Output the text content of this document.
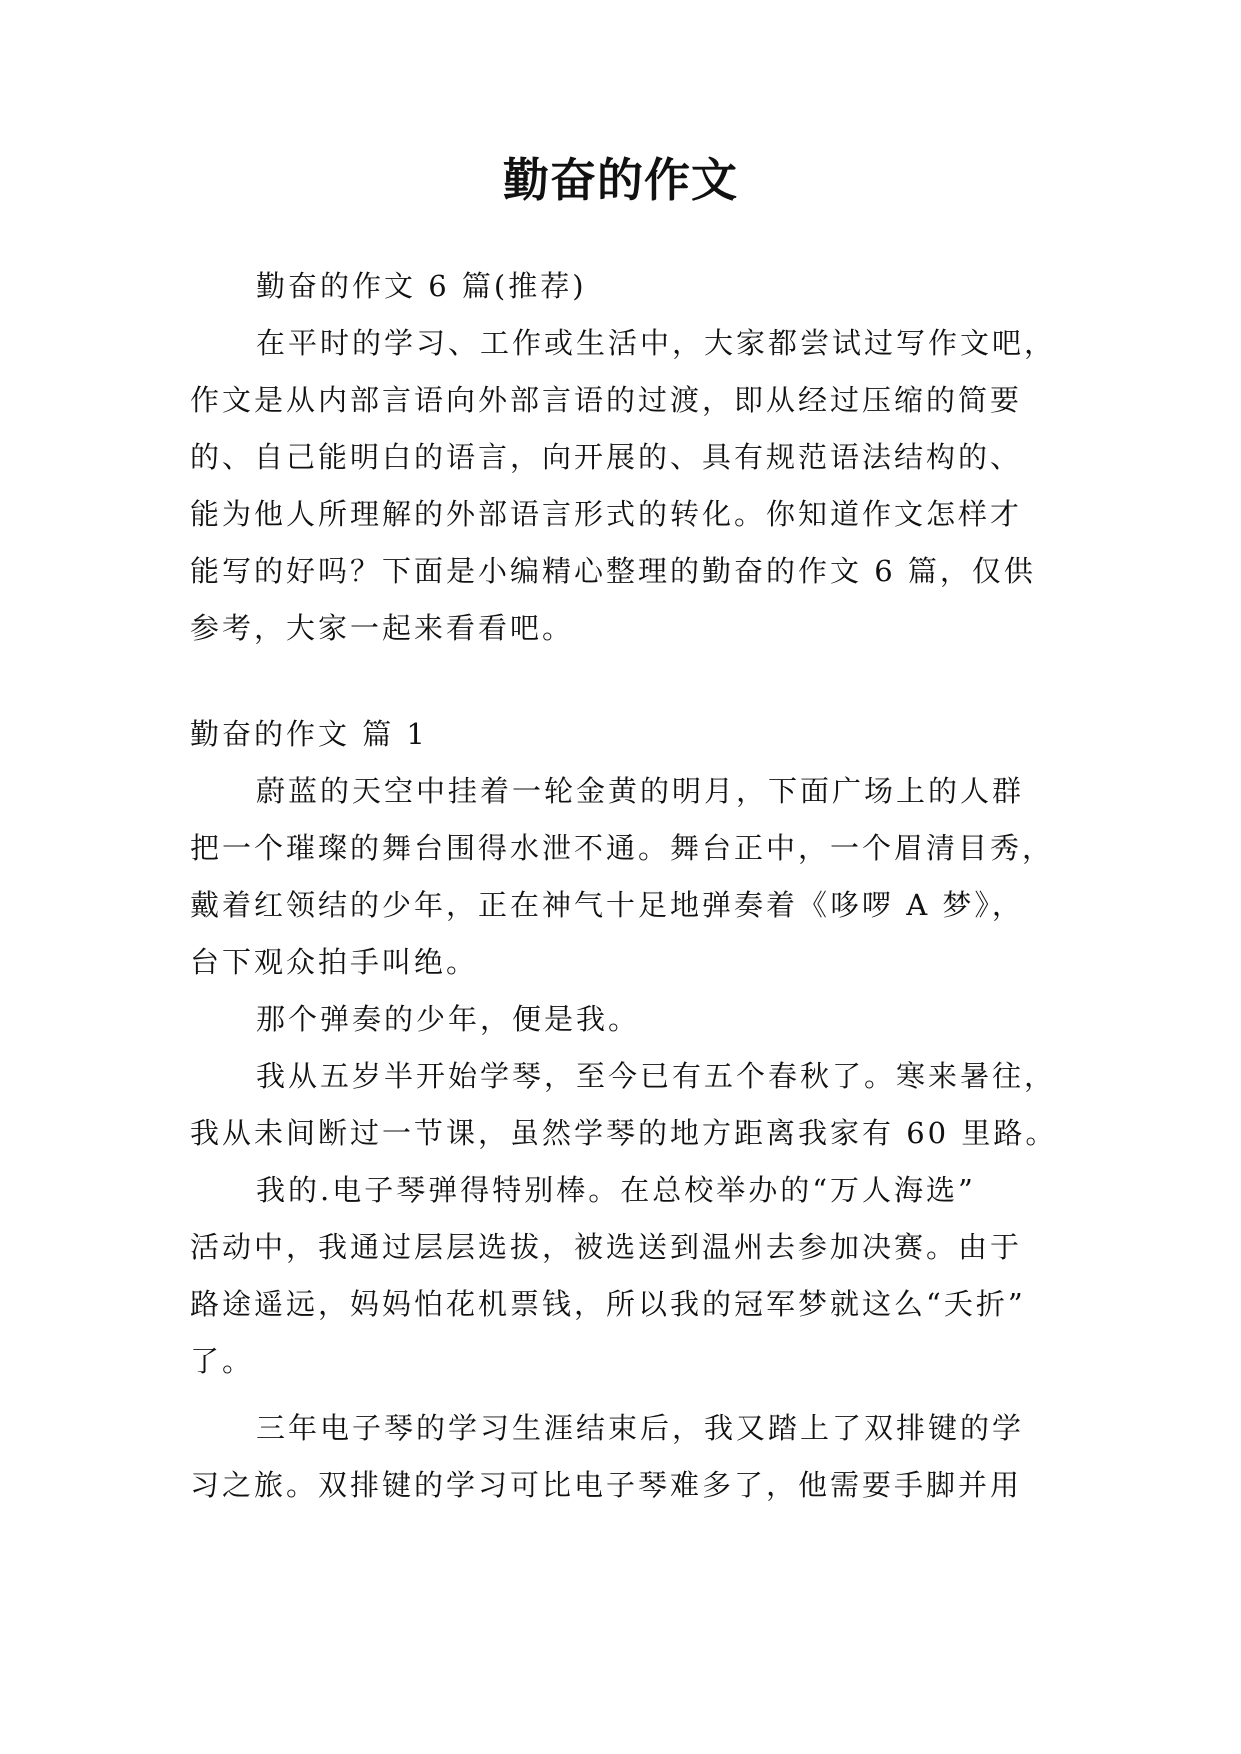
勤奋的作文
勤奋的作文 6 篇(推荐)
在平时的学习、工作或生活中，大家都尝试过写作文吧，
作文是从内部言语向外部言语的过渡，即从经过压缩的简要
的、自己能明白的语言，向开展的、具有规范语法结构的、
能为他人所理解的外部语言形式的转化。你知道作文怎样才
能写的好吗？下面是小编精心整理的勤奋的作文 6 篇，仅供
参考，大家一起来看看吧。
勤奋的作文 篇 1
蔚蓝的天空中挂着一轮金黄的明月，下面广场上的人群
把一个璀璨的舞台围得水泄不通。舞台正中，一个眉清目秀，
戴着红领结的少年，正在神气十足地弹奏着《哆啰 A 梦》，
台下观众拍手叫绝。
那个弹奏的少年，便是我。
我从五岁半开始学琴，至今已有五个春秋了。寒来暑往，
我从未间断过一节课，虽然学琴的地方距离我家有 60 里路。
我的.电子琴弹得特别棒。在总校举办的“万人海选”
活动中，我通过层层选拔，被选送到温州去参加决赛。由于
路途遥远，妈妈怕花机票钱，所以我的冠军梦就这么“夭折”
了。
三年电子琴的学习生涯结束后，我又踏上了双排键的学
习之旅。双排键的学习可比电子琴难多了，他需要手脚并用
